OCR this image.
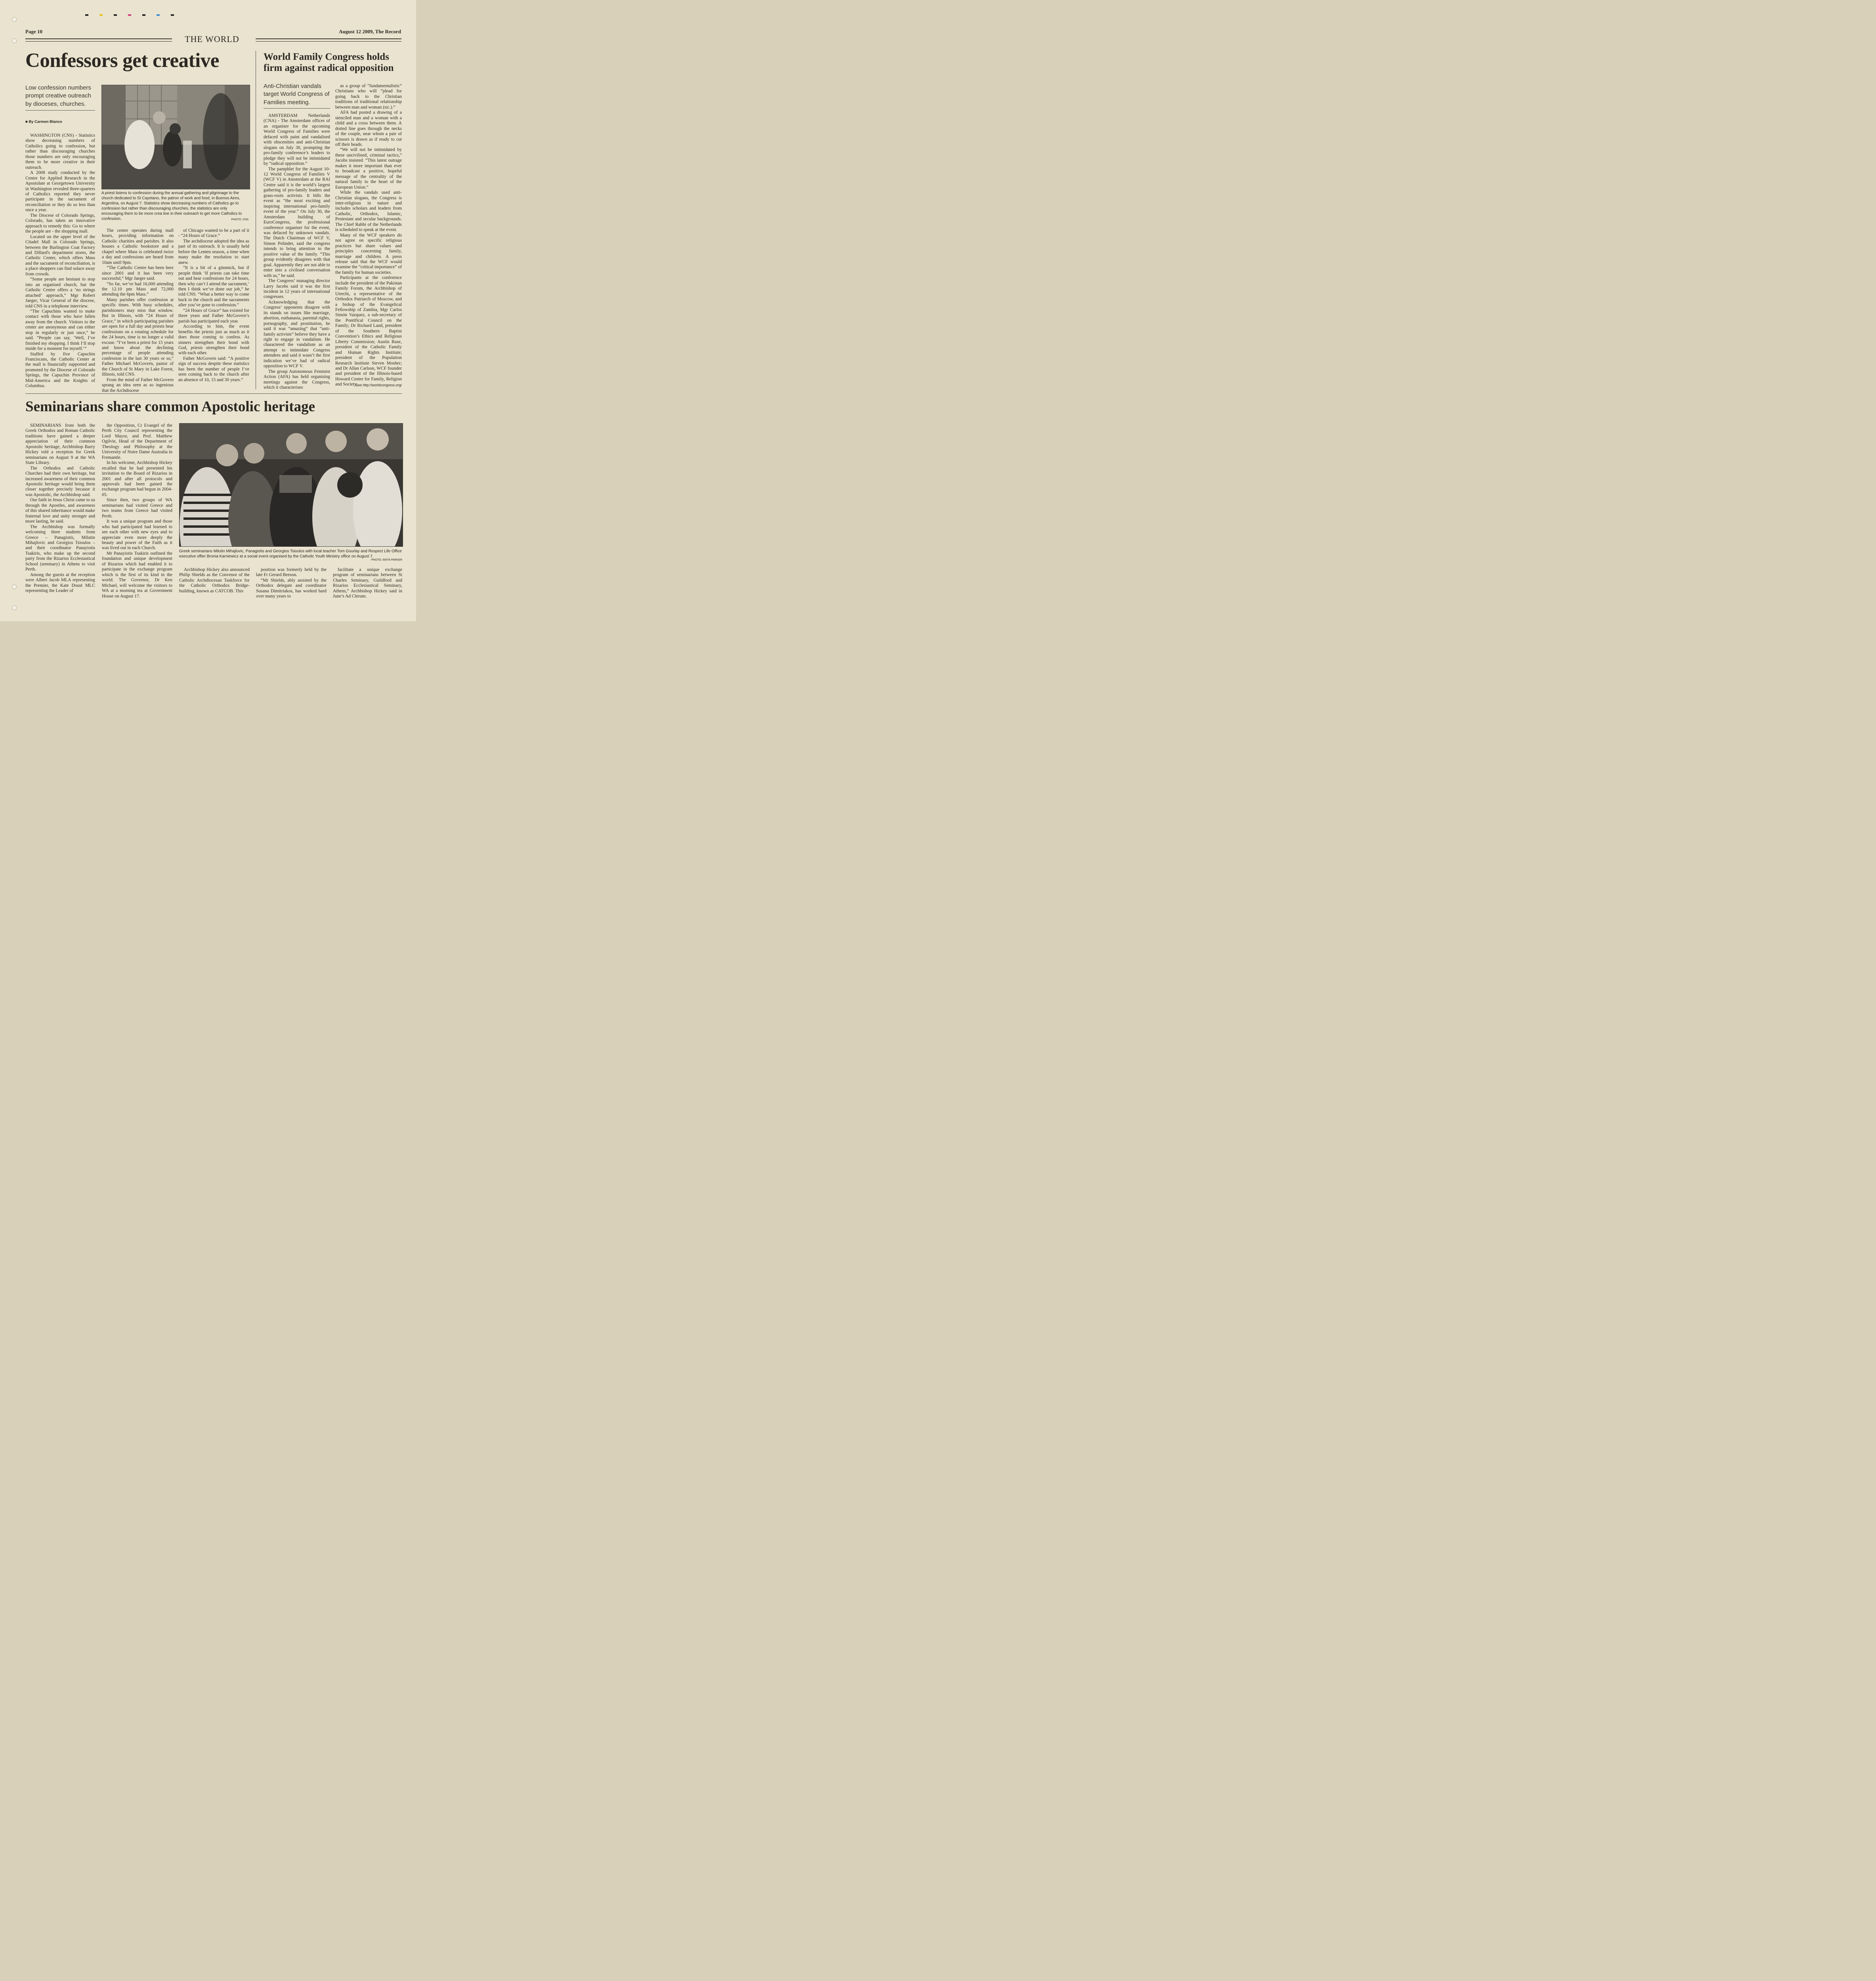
Page 10	August 12 2009, The Record
THE WORLD
Confessors get creative
Low confession numbers prompt creative outreach by dioceses, churches.
■ By Carmen Blanco
A priest listens to confession during the annual gathering and pilgrimage to the church dedicated to St Cayetano, the patron of work and food, in Buenos Aires, Argentina, on August 7. Statistics show decreasing numbers of Catholics go to confession but rather than discouraging churches, the statistics are only encouraging them to be more crea tive in their outreach to get more Catholics to confession.	PHOTO: CNS

WASHINGTON (CNS) - Statistics show decreasing numbers of Catholics going to confession, but rather than discouraging churches those numbers are only encouraging them to be more creative in their outreach.

A 2008 study conducted by the Centre for Applied Research in the Apostolate at Georgetown University in Washington revealed three-quarters of Catholics reported they never participate in the sacrament of reconciliation or they do so less than once a year.

The Diocese of Colorado Springs, Colorado, has taken an innovative approach to remedy this: Go to where the people are - the shopping mall.

Located on the upper level of the Citadel Mall in Colorado Springs, between the Burlington Coat Factory and Dillard's department stores, the Catholic Center, which offers Mass and the sacrament of reconciliation, is a place shoppers can find solace away from crowds.

“Some people are hesitant to stop into an organised church, but the Catholic Centre offers a ‘no strings attached’ approach,” Mgr Robert Jaeger, Vicar General of the diocese, told CNS in a telephone interview.

“The Capuchins wanted to make contact with those who have fallen away from the church. Visitors to the center are anonymous and can either stop in regularly or just once,” he said. “People can say, ‘Well, I’ve finished my shopping. I think I’ll stop inside for a moment for myself.’”

Staffed by five Capuchin Franciscans, the Catholic Center at the mall is financially supported and promoted by the Diocese of Colorado Springs, the Capuchin Province of Mid-America and the Knights of Columbus.

The centre operates during mall hours, providing information on Catholic charities and parishes. It also houses a Catholic bookstore and a chapel where Mass is celebrated twice a day and confessions are heard from 10am until 9pm.

“The Catholic Centre has been here since 2001 and it has been very successful,” Mgr Jaeger said.

“So far, we’ve had 16,000 attending the 12.10 pm Mass and 72,000 attending the 6pm Mass.”

Many parishes offer confession at specific times. With busy schedules, parishioners may miss that window. But in Illinois, with “24 Hours of Grace,” in which participating parishes are open for a full day and priests hear confessions on a rotating schedule for the 24 hours, time is no longer a valid excuse. “I’ve been a priest for 15 years and know about the declining percentage of people attending confession in the last 30 years or so,” Father Michael McGovern, pastor of the Church of St Mary in Lake Forest, Illinois, told CNS.

From the mind of Father McGovern sprang an idea seen as so ingenious that the Archdiocese

of Chicago wanted to be a part of it - “24 Hours of Grace.”

The archdiocese adopted the idea as part of its outreach. It is usually held before the Lenten season, a time when many make the resolution to start anew.

“It is a bit of a gimmick, but if people think ‘If priests can take time out and hear confessions for 24 hours, then why can’t I attend the sacrament,’ then I think we’ve done our job,” he told CNS. “What a better way to come back to the church and the sacraments after you’ve gone to confession.”

“24 Hours of Grace” has existed for three years and Father McGovern’s parish has participated each year.

According to him, the event benefits the priests just as much as it does those coming to confess. As sinners strengthen their bond with God, priests strengthen their bond with each other.

Father McGovern said: “A positive sign of success despite these statistics has been the number of people I’ve seen coming back to the church after an absence of 10, 15 and 30 years.”

World Family Congress holds firm against radical opposition
Anti-Christian vandals target World Congress of Families meeting.

AMSTERDAM Netherlands (CNA) - The Amsterdam offices of an organiser for the upcoming World Congress of Families were defaced with paint and vandalised with obscenities and anti-Christian slogans on July 30, prompting the pro-family conference’s leaders to pledge they will not be intimidated by “radical opposition.”

The pamphlet for the August 10-12 World Congress of Families V (WCF V) in Amsterdam at the RAI Centre said it is the world’s largest gathering of pro-family leaders and grass-roots activists. It bills the event as “the most exciting and inspiring international pro-family event of the year.” On July 30, the Amsterdam building of EuroCongress, the professional conference organiser for the event, was defaced by unknown vandals. The Dutch Chairman of WCF V, Simon Polinder, said the congress intends to bring attention to the positive value of the family. “This group evidently disagrees with that goal. Apparently they are not able to enter into a civilised conversation with us,” he said.

The Congress’ managing director Larry Jacobs said it was the first incident in 12 years of international congresses.

Acknowledging that the Congress’ opponents disagree with its stands on issues like marriage, abortion, euthanasia, parental rights, pornography, and prostitution, he said it was “amazing” that “anti-family activists” believe they have a right to engage in vandalism. He charactered the vandalism as an attempt to intimidate Congress attendees and said it wasn’t the first indication we’ve had of radical opposition to WCF V.

The group Autonomous Feminist Action (AFA) has held organising meetings against the Congress, which it characterises

as a group of “fundamentalistic” Christians who will “plead for going back to the Christian traditions of traditional relationship between man and woman (sic.).”

AFA had posted a drawing of a stenciled man and a woman with a child and a cross between them. A dotted line goes through the necks of the couple, near whom a pair of scissors is drawn as if ready to cut off their heads.

“We will not be intimidated by these uncivilised, criminal tactics,” Jacobs insisted. “This latest outrage makes it more important than ever to broadcast a positive, hopeful message of the centrality of the natural family to the heart of the European Union.”

While the vandals used anti-Christian slogans, the Congress is inter-religious in nature and includes scholars and leaders from Catholic, Orthodox, Islamic, Protestant and secular backgrounds. The Chief Rabbi of the Netherlands is scheduled to speak at the event.

Many of the WCF speakers do not agree on specific religious practices but share values and principles concerning family, marriage and children. A press release said that the WCF would examine the “critical importance” of the family for human societies.

Participants at the conference include the president of the Pakistan Family Forum, the Archbishop of Utrecht, a representative of the Orthodox Patriarch of Moscow, and a bishop of the Evangelical Fellowship of Zambia, Mgr Carlos Simón Vazquez, a sub-secretary of the Pontifical Council on the Family; Dr Richard Land, president of the Southern Baptist Convention’s Ethics and Religious Liberty Commission; Austin Ruse, president of the Catholic Family and Human Rights Institute; president of the Population Research Institute Steven Mosher; and Dr Allan Carlson, WCF founder and president of the Illinois-based Howard Centre for Family, Religion and Society.

- See http://worldcongress.org/
Seminarians share common Apostolic heritage
Greek seminarians Milutin Mihajlovic, Panagiotis and Georgios Tsioulos with local teacher Tom Gourlay and Respect Life Office executive offier Bronia Karniewicz at a social event organised by the Catholic Youth Ministry office on August 7.
PHOTO: ANITA PARKER

SEMINARIANS from both the Greek Orthodox and Roman Catholic traditions have gained a deeper appreciation of their common Apostolic heritage, Archbishop Barry Hickey told a reception for Greek seminarians on August 9 at the WA State Library.

The Orthodox and Catholic Churches had their own heritage, but increased awareness of their common Apostolic heritage would bring them closer together precisely because it was Apostolic, the Archbishop said.

Our faith in Jesus Christ came to us through the Apostles, and awareness of this shared inheritance would make fraternal love and unity stronger and more lasting, he said.

The Archbishop was formally welcoming three students from Greece – Panagiotis, Milutin Mihajlovic and Georgios Tsioulos – and their coordinator Panayiotis Tsakiris, who make up the second party from the Rizarios Ecclesiastical School (seminary) in Athens to visit Perth.

Among the guests at the reception were Albert Jacob MLA representing the Premier, the Kate Doust MLC representing the Leader of

the Opposition, Cr Evangel of the Perth City Council representing the Lord Mayor, and Prof. Matthew Ogilvie, Head of the Department of Theology and Philosophy at the University of Notre Dame Australia in Fremantle.

In his welcome, Archbishop Hickey recalled that he had presented his invitation to the Board of Rizarios in 2001 and after all protocols and approvals had been gained the exchange program had begun in 2004-05.

Since then, two groups of WA seminarians had visited Greece and two teams from Greece had visited Perth.

It was a unique program and those who had participated had learned to see each other with new eyes and to appreciate even more deeply the beauty and power of the Faith as it was lived out in each Church.

Mr Panayiotis Tsakiris outlined the foundation and unique development of Rizarios which had enabled it to participate in the exchange program which is the first of its kind in the world. The Governor, Dr Ken Michael, will welcome the visitors to WA at a morning tea at Government House on August 17.

Archbishop Hickey also announced Philip Shields as the Convenor of the Catholic Archdiocesan Taskforce for the Catholic Orthodox Bridge-building, known as CATCOB. This

position was formerly held by the late Fr Gerard Beeson.

“Mr Shields, ably assisted by the Orthodox delegate and coordinator Susana Dimitriakos, has worked hard over many years to

facilitate a unique exchange program of seminarians between St Charles Seminary, Guildford and Rizarios Ecclesiastical Seminary, Athens,” Archbishop Hickey said in June’s Ad Clerum.
